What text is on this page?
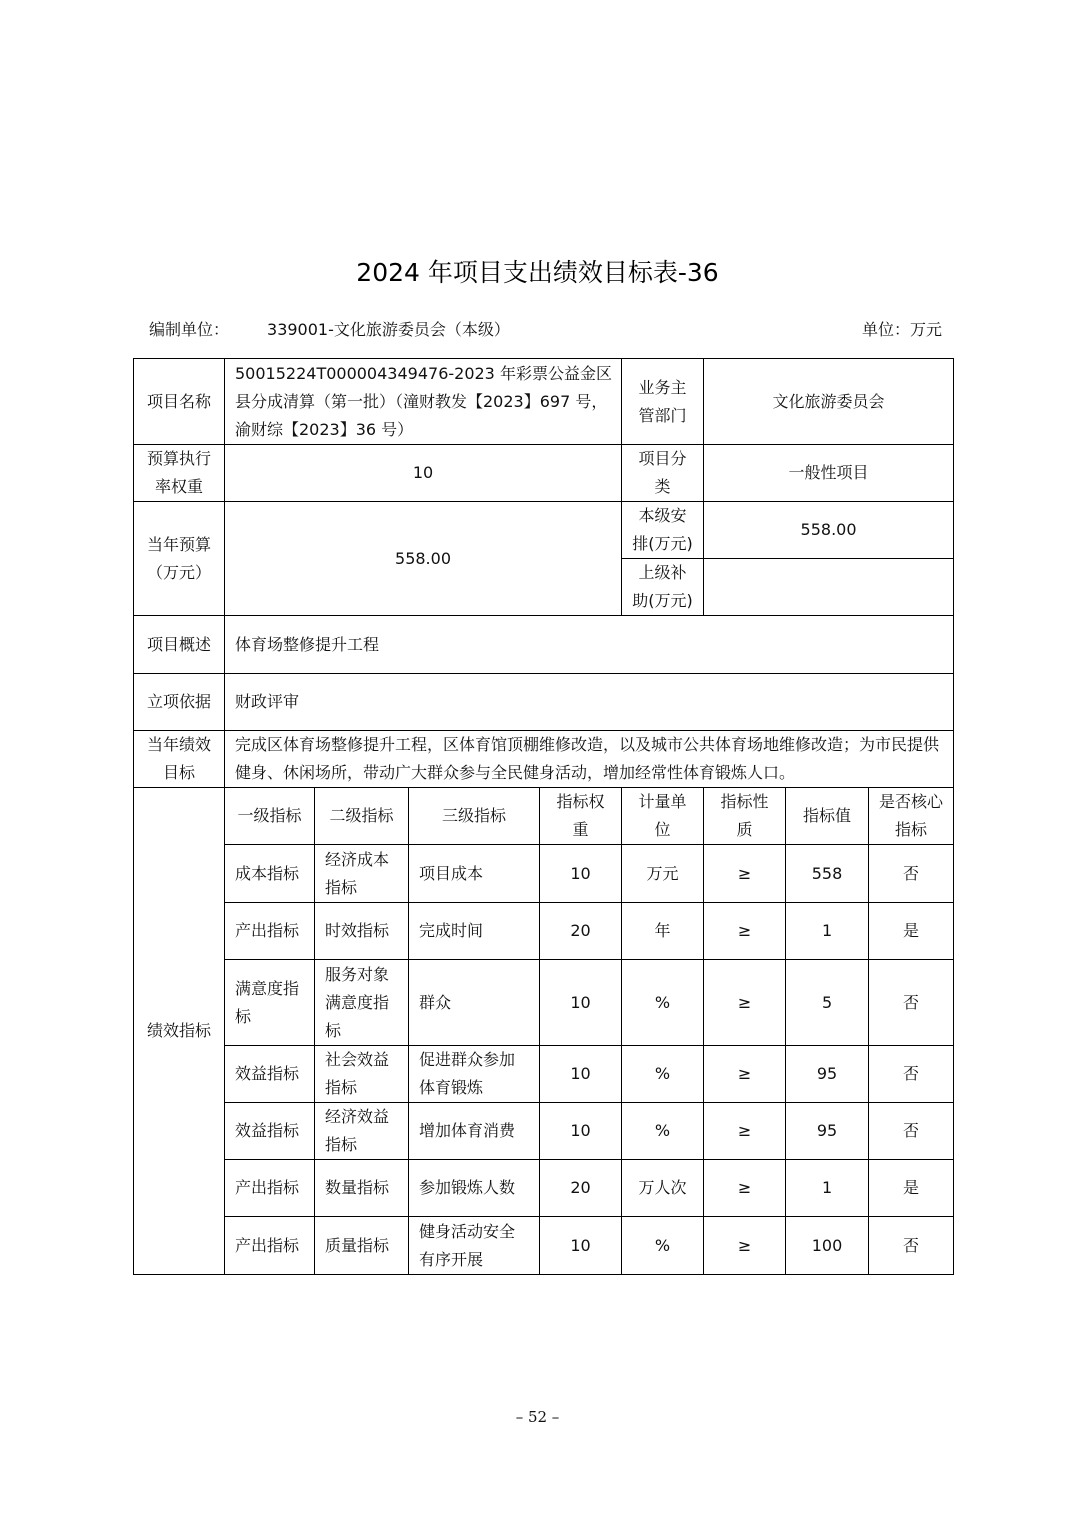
2024 年项目支出绩效目标表-36
编制单位： 339001-文化旅游委员会（本级）	单位：万元
项目名称	50015224T000004349476-2023 年彩票公益金区县分成清算（第一批）（潼财教发【2023】697 号，渝财综【2023】36 号）				业务主管部门	文化旅游委员会		
预算执行率权重	10				项目分类	一般性项目		
当年预算（万元）	558.00				本级安排(万元)	558.00		
					上级补助(万元)			
项目概述	体育场整修提升工程							
立项依据	财政评审							
当年绩效目标	完成区体育场整修提升工程，区体育馆顶棚维修改造，以及城市公共体育场地维修改造；为市民提供健身、休闲场所，带动广大群众参与全民健身活动，增加经常性体育锻炼人口。							
绩效指标	一级指标	二级指标	三级指标	指标权重	计量单位	指标性质	指标值	是否核心指标
	成本指标	经济成本指标	项目成本	10	万元	≥	558	否
	产出指标	时效指标	完成时间	20	年	≥	1	是
	满意度指标	服务对象满意度指标	群众	10	%	≥	5	否
	效益指标	社会效益指标	促进群众参加体育锻炼	10	%	≥	95	否
	效益指标	经济效益指标	增加体育消费	10	%	≥	95	否
	产出指标	数量指标	参加锻炼人数	20	万人次	≥	1	是
	产出指标	质量指标	健身活动安全有序开展	10	%	≥	100	否
– 52 –
